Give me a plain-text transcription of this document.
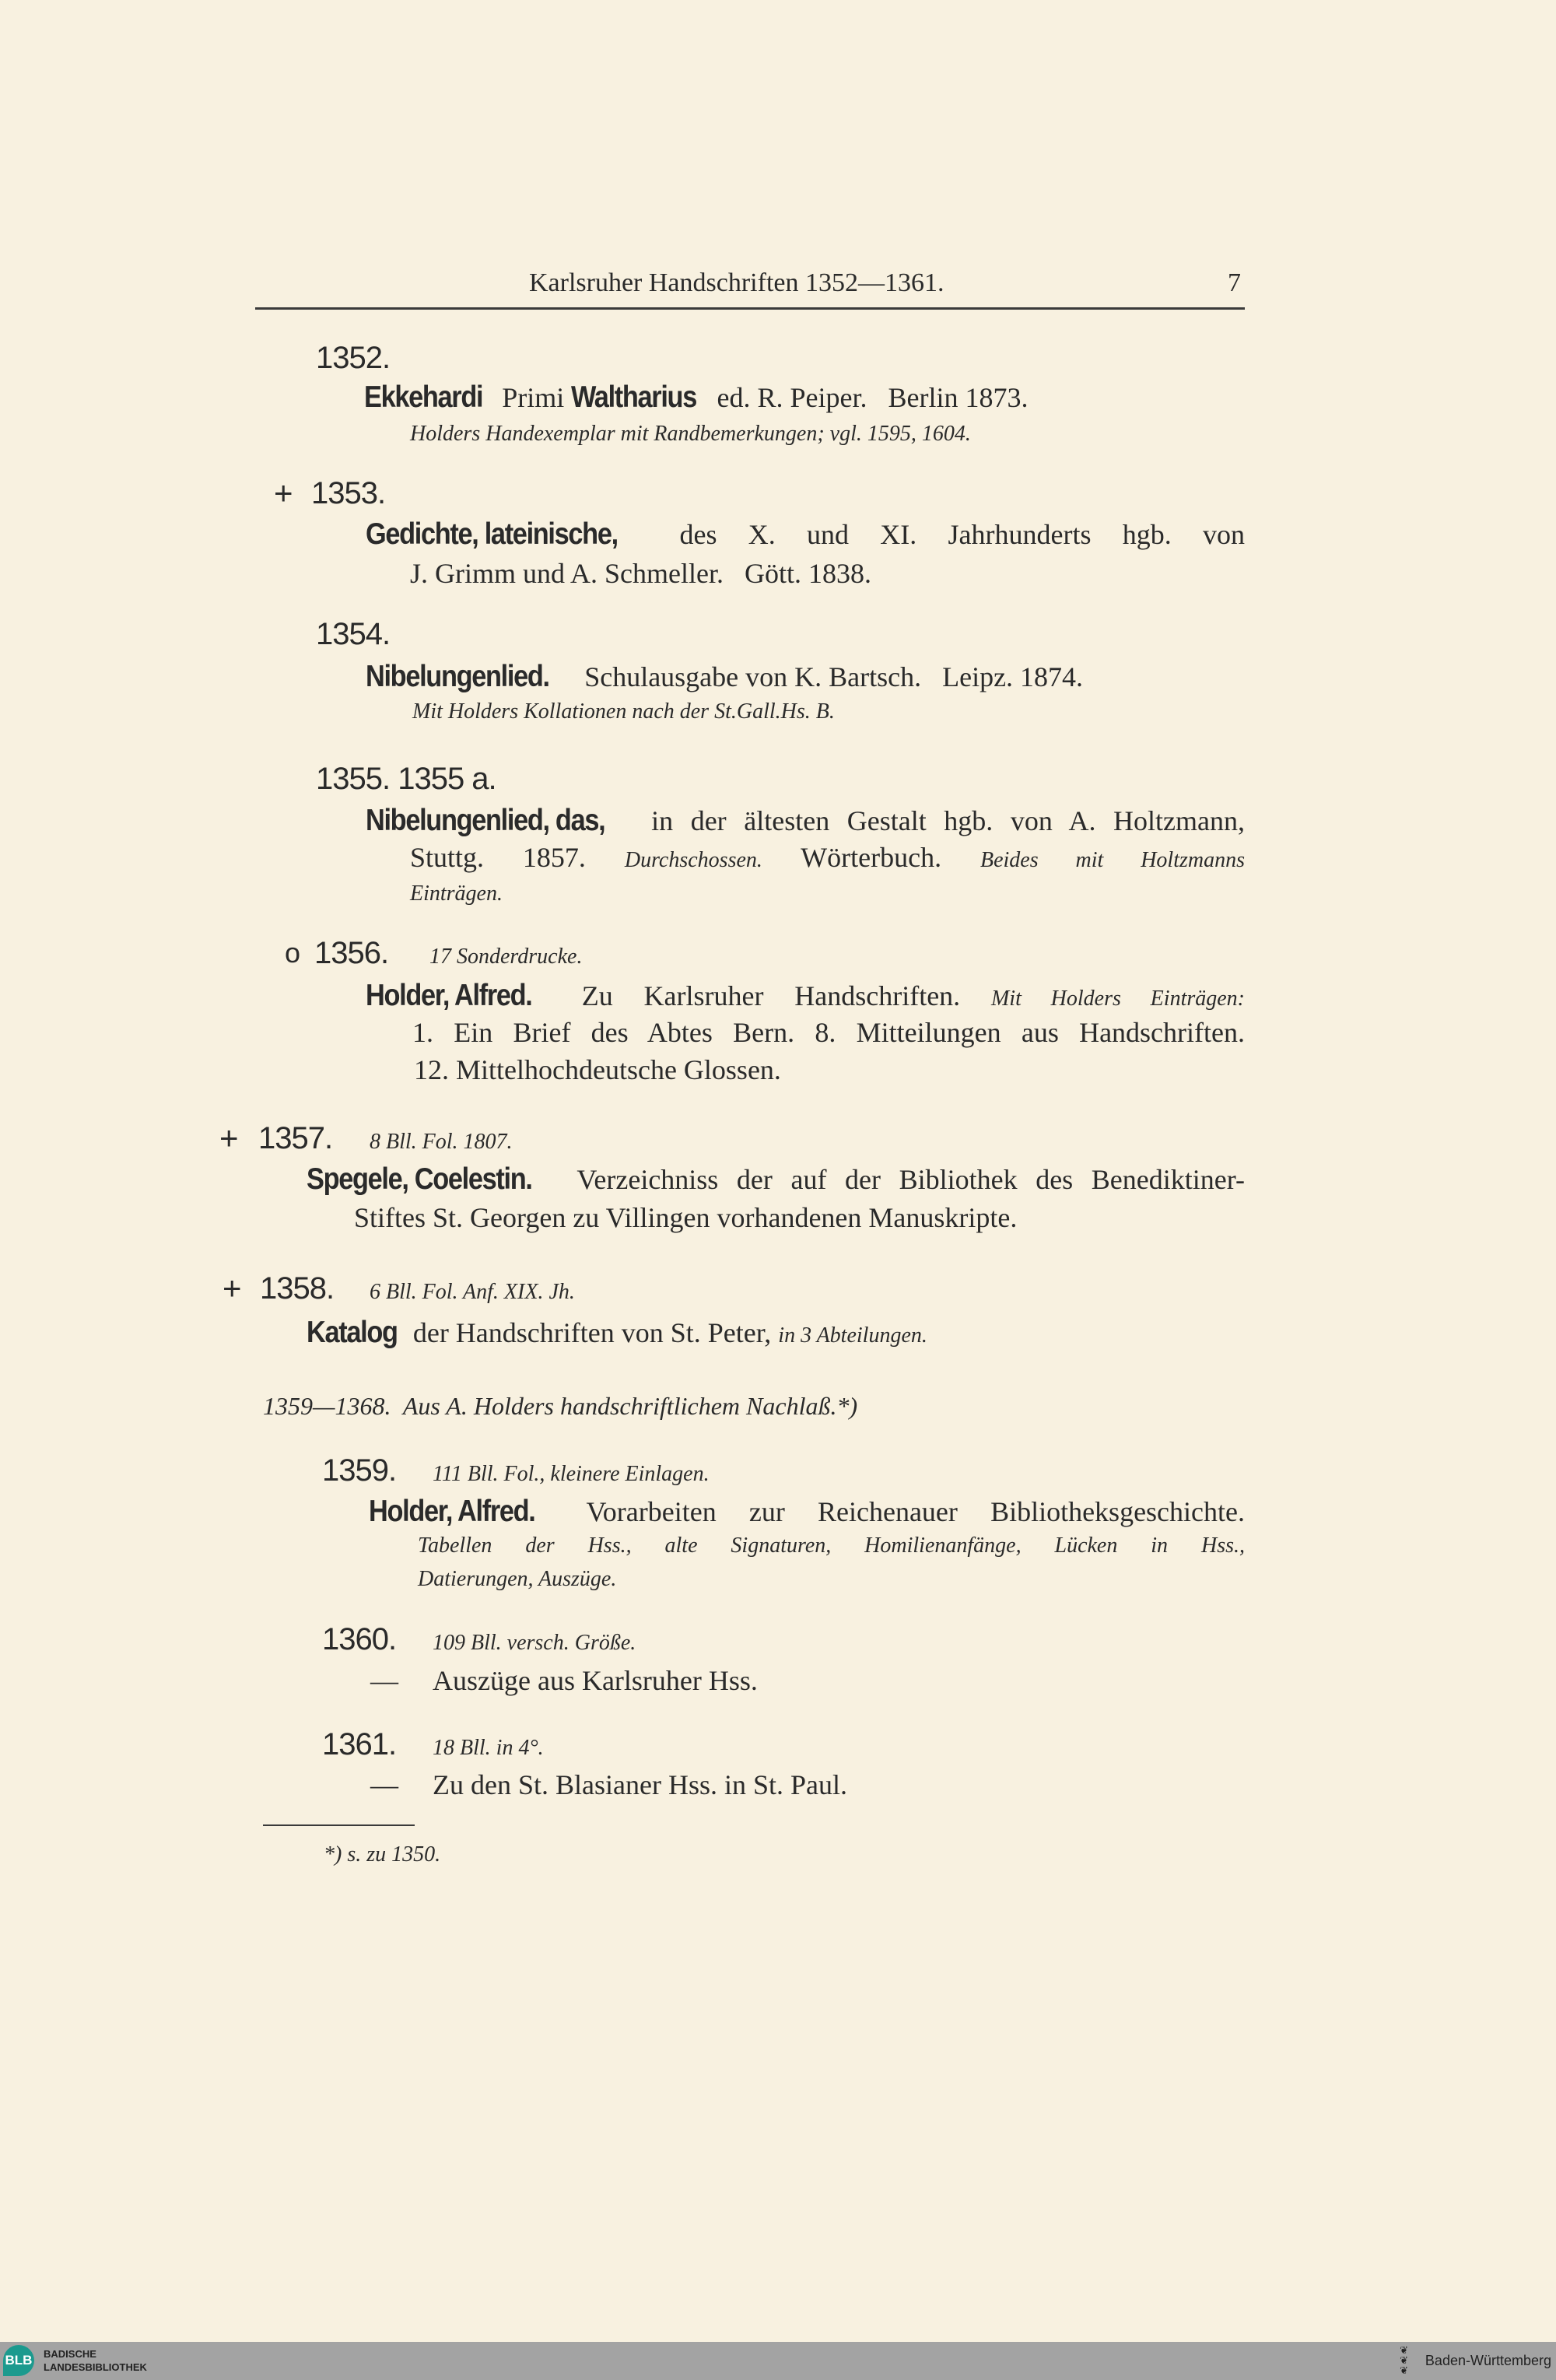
Karlsruher Handschriften 1352—1361.	7
1352.
Ekkehardi Primi Waltharius ed. R. Peiper.   Berlin 1873.
Holders Handexemplar mit Randbemerkungen; vgl. 1595, 1604.
+ 1353.
Gedichte, lateinische, des X. und XI. Jahrhunderts hgb. von
J. Grimm und A. Schmeller.   Gött. 1838.
1354.
Nibelungenlied.  Schulausgabe von K. Bartsch.   Leipz. 1874.
Mit Holders Kollationen nach der St.Gall.Hs. B.
1355. 1355 a.
Nibelungenlied, das, in der ältesten Gestalt hgb. von A. Holtzmann,
Stuttg. 1857. Durchschossen. Wörterbuch. Beides mit Holtzmanns
Einträgen.
o 1356. 17 Sonderdrucke.
Holder, Alfred. Zu Karlsruher Handschriften. Mit Holders Einträgen:
1. Ein Brief des Abtes Bern. 8. Mitteilungen aus Handschriften.
12. Mittelhochdeutsche Glossen.
+ 1357. 8 Bll. Fol. 1807.
Spegele, Coelestin. Verzeichniss der auf der Bibliothek des Benediktiner-
Stiftes St. Georgen zu Villingen vorhandenen Manuskripte.
+ 1358. 6 Bll. Fol. Anf. XIX. Jh.
Katalog der Handschriften von St. Peter, in 3 Abteilungen.
1359—1368. Aus A. Holders handschriftlichem Nachlaß.*)
1359. 111 Bll. Fol., kleinere Einlagen.
Holder, Alfred. Vorarbeiten zur Reichenauer Bibliotheksgeschichte.
Tabellen der Hss., alte Signaturen, Homilienanfänge, Lücken in Hss.,
Datierungen, Auszüge.
1360. 109 Bll. versch. Größe.
— Auszüge aus Karlsruher Hss.
1361. 18 Bll. in 4°.
— Zu den St. Blasianer Hss. in St. Paul.
*) s. zu 1350.
BLB BADISCHE
LANDESBIBLIOTHEK
❦
❦
❦
Baden-Württemberg
